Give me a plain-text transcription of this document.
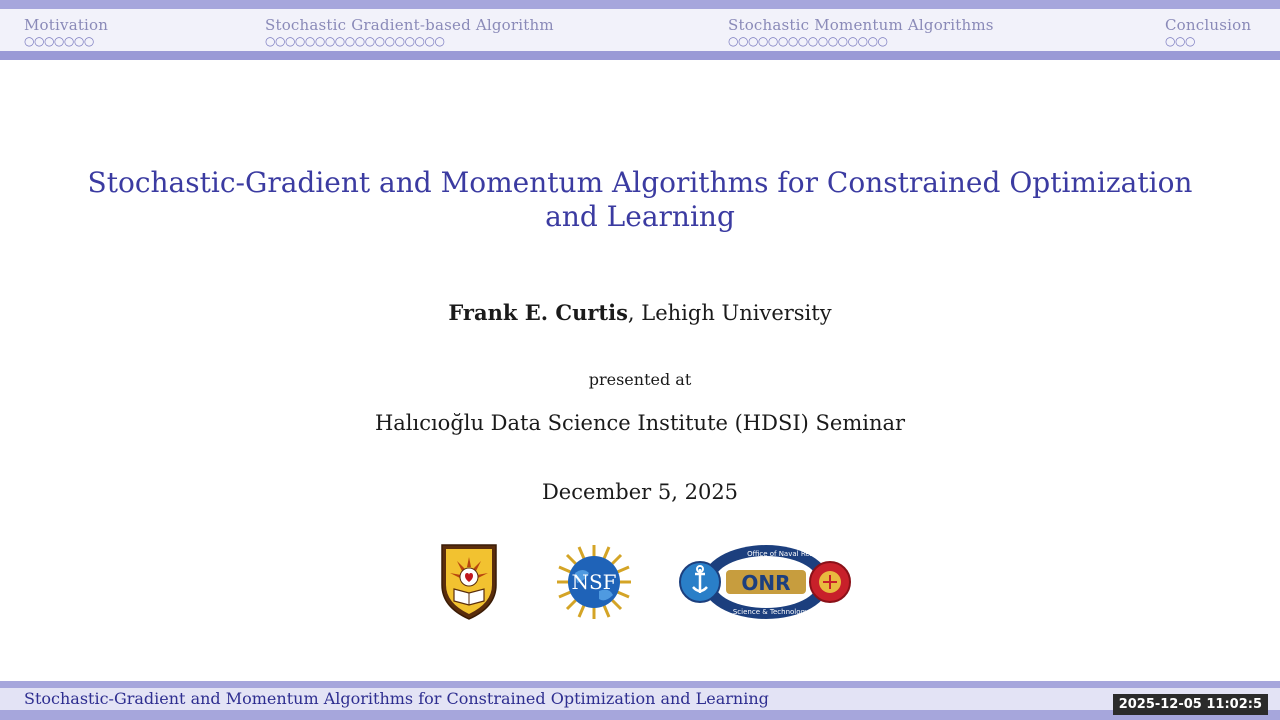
Motivation
○○○○○○○
Stochastic Gradient-based Algorithm
○○○○○○○○○○○○○○○○○○
Stochastic Momentum Algorithms
○○○○○○○○○○○○○○○○
Conclusion
○○○
Stochastic-Gradient and Momentum Algorithms for Constrained Optimization
and Learning
Frank E. Curtis, Lehigh University
presented at
Halıcıoğlu Data Science Institute (HDSI) Seminar
December 5, 2025
NSF	ONR
Office of Naval Research
Science & Technology
Stochastic-Gradient and Momentum Algorithms for Constrained Optimization and Learning	2025-12-05 11:02:5
